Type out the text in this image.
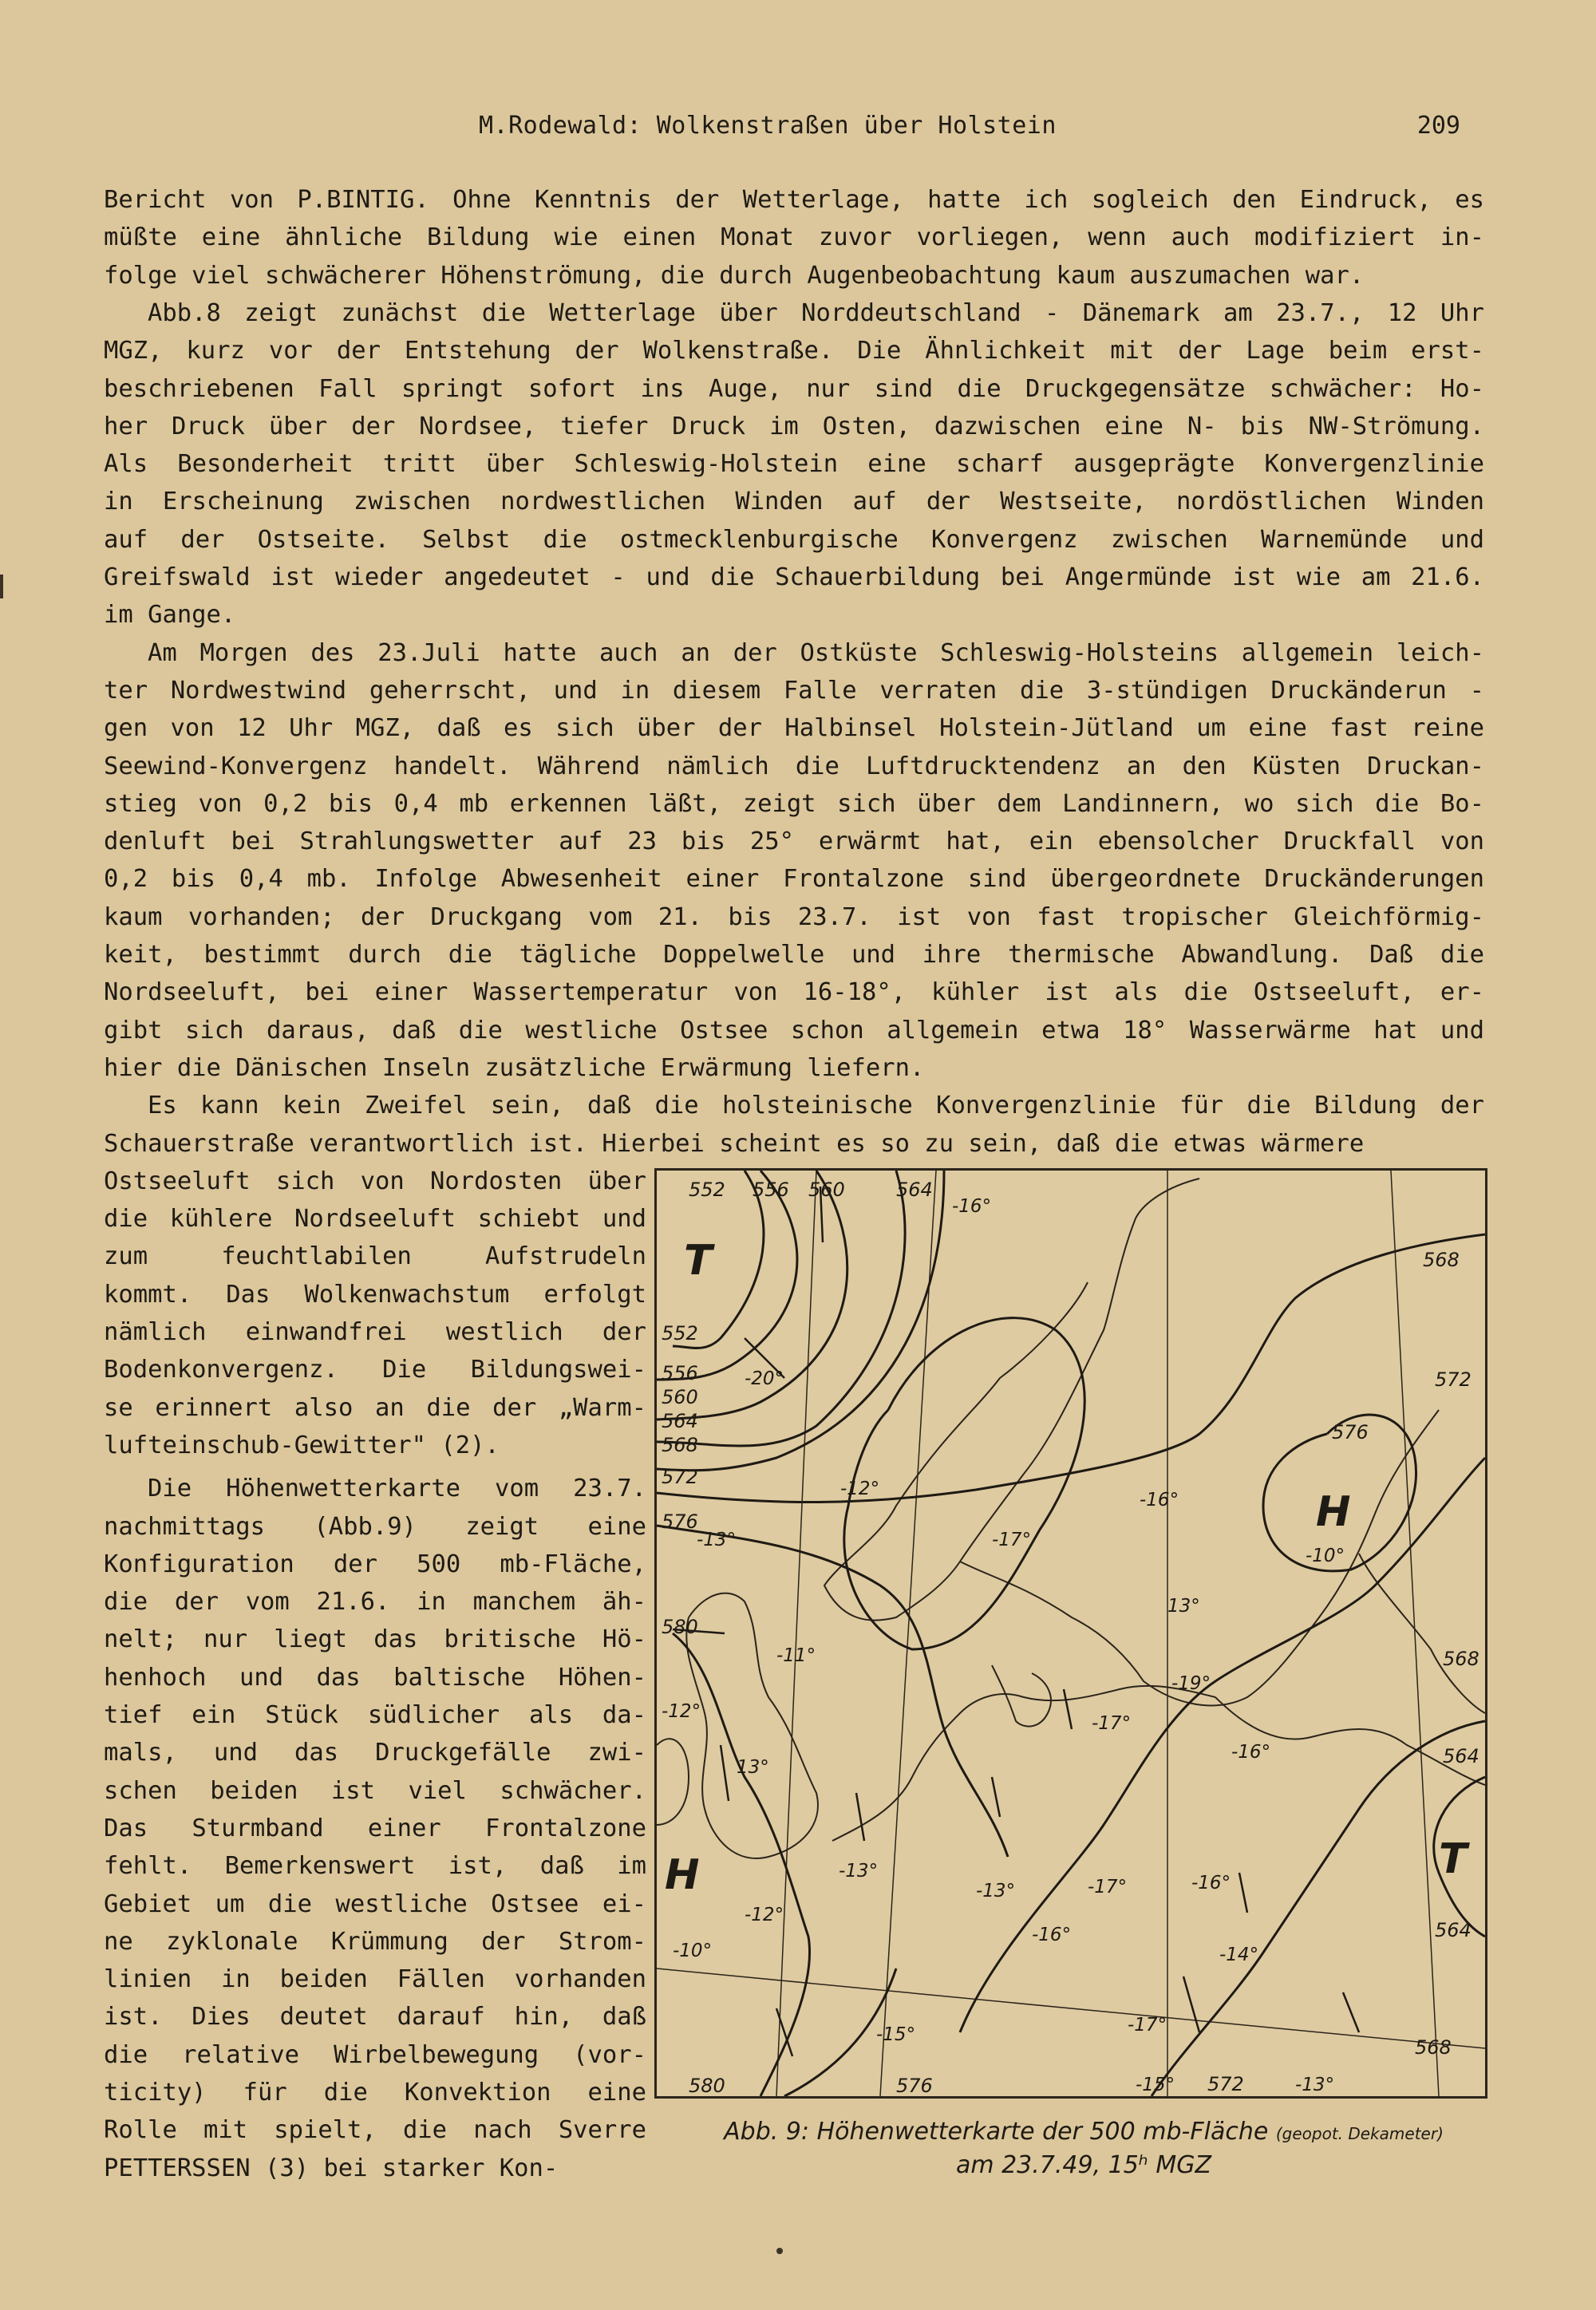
M.Rodewald: Wolkenstraßen über Holstein	209
Bericht von P.BINTIG. Ohne Kenntnis der Wetterlage, hatte ich sogleich den Eindruck, es
müßte eine ähnliche Bildung wie einen Monat zuvor vorliegen, wenn auch modifiziert in-
folge viel schwächerer Höhenströmung, die durch Augenbeobachtung kaum auszumachen war.
Abb.8 zeigt zunächst die Wetterlage über Norddeutschland - Dänemark am 23.7., 12 Uhr
MGZ, kurz vor der Entstehung der Wolkenstraße. Die Ähnlichkeit mit der Lage beim erst-
beschriebenen Fall springt sofort ins Auge, nur sind die Druckgegensätze schwächer: Ho-
her Druck über der Nordsee, tiefer Druck im Osten, dazwischen eine N- bis NW-Strömung.
Als Besonderheit tritt über Schleswig-Holstein eine scharf ausgeprägte Konvergenzlinie
in Erscheinung zwischen nordwestlichen Winden auf der Westseite, nordöstlichen Winden
auf der Ostseite. Selbst die ostmecklenburgische Konvergenz zwischen Warnemünde und
Greifswald ist wieder angedeutet - und die Schauerbildung bei Angermünde ist wie am 21.6.
im Gange.
Am Morgen des 23.Juli hatte auch an der Ostküste Schleswig-Holsteins allgemein leich-
ter Nordwestwind geherrscht, und in diesem Falle verraten die 3-stündigen Druckänderun -
gen von 12 Uhr MGZ, daß es sich über der Halbinsel Holstein-Jütland um eine fast reine
Seewind-Konvergenz handelt. Während nämlich die Luftdrucktendenz an den Küsten Druckan-
stieg von 0,2 bis 0,4 mb erkennen läßt, zeigt sich über dem Landinnern, wo sich die Bo-
denluft bei Strahlungswetter auf 23 bis 25° erwärmt hat, ein ebensolcher Druckfall von
0,2 bis 0,4 mb. Infolge Abwesenheit einer Frontalzone sind übergeordnete Druckänderungen
kaum vorhanden; der Druckgang vom 21. bis 23.7. ist von fast tropischer Gleichförmig-
keit, bestimmt durch die tägliche Doppelwelle und ihre thermische Abwandlung. Daß die
Nordseeluft, bei einer Wassertemperatur von 16-18°, kühler ist als die Ostseeluft, er-
gibt sich daraus, daß die westliche Ostsee schon allgemein etwa 18° Wasserwärme hat und
hier die Dänischen Inseln zusätzliche Erwärmung liefern.
Es kann kein Zweifel sein, daß die holsteinische Konvergenzlinie für die Bildung der
Schauerstraße verantwortlich ist. Hierbei scheint es so zu sein, daß die etwas wärmere
Ostseeluft sich von Nordosten über
die kühlere Nordseeluft schiebt und
zum feuchtlabilen Aufstrudeln
kommt. Das Wolkenwachstum erfolgt
nämlich einwandfrei westlich der
Bodenkonvergenz. Die Bildungswei-
se erinnert also an die der „Warm-
lufteinschub-Gewitter" (2).
Die Höhenwetterkarte vom 23.7.
nachmittags (Abb.9) zeigt eine
Konfiguration der 500 mb-Fläche,
die der vom 21.6. in manchem äh-
nelt; nur liegt das britische Hö-
henhoch und das baltische Höhen-
tief ein Stück südlicher als da-
mals, und das Druckgefälle zwi-
schen beiden ist viel schwächer.
Das Sturmband einer Frontalzone
fehlt. Bemerkenswert ist, daß im
Gebiet um die westliche Ostsee ei-
ne zyklonale Krümmung der Strom-
linien in beiden Fällen vorhanden
ist. Dies deutet darauf hin, daß
die relative Wirbelbewegung (vor-
ticity) für die Konvektion eine
Rolle mit spielt, die nach Sverre
PETTERSSEN (3) bei starker Kon-
552 556 560	564
552
556
560
564
568
572
576
580
568
572
568
564
564
568
580	576	572
576
T
H
H	T
-16°
-20°
-12°
-16°
-17°
-10°
-13°
-11°
-12°
13°
-13°
-12°
-10°
13°
-19°
-17°
-16°
-13°	-17°	-16°
-16°
-14°
-15°	-17°
-15°	-13°
Abb. 9: Höhenwetterkarte der 500 mb-Fläche (geopot. Dekameter)
am 23.7.49, 15ʰ MGZ
